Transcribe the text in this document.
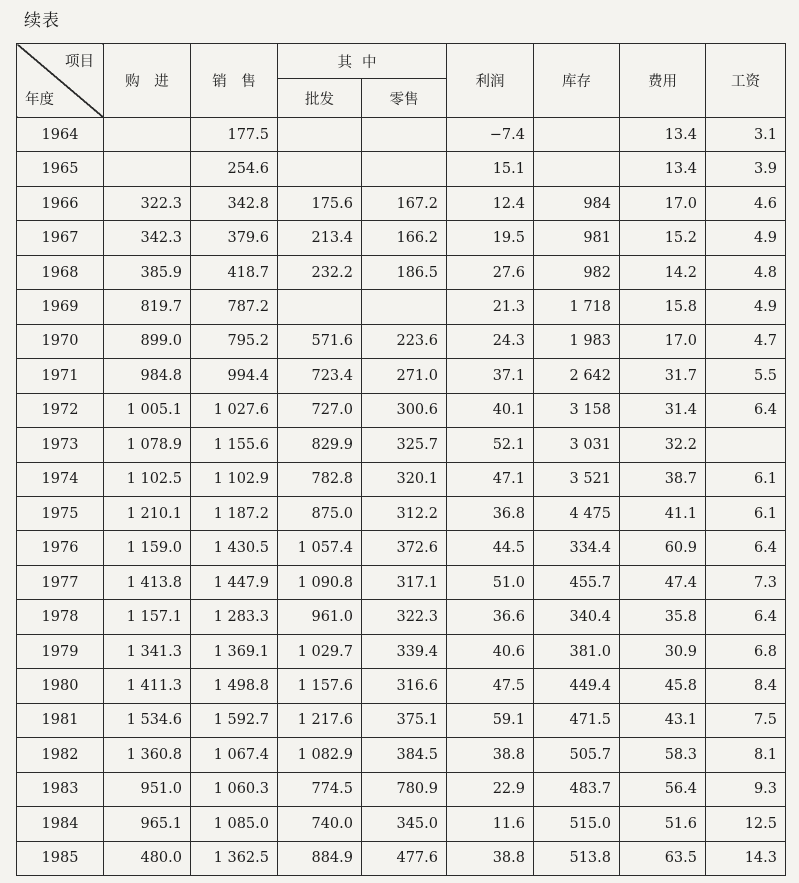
续表
项目
年度	购　进	销　售	其中		利润	库存	费用	工资
			批发	零售				
1964		177.5			−7.4		13.4	3.1
1965		254.6			15.1		13.4	3.9
1966	322.3	342.8	175.6	167.2	12.4	984	17.0	4.6
1967	342.3	379.6	213.4	166.2	19.5	981	15.2	4.9
1968	385.9	418.7	232.2	186.5	27.6	982	14.2	4.8
1969	819.7	787.2			21.3	1 718	15.8	4.9
1970	899.0	795.2	571.6	223.6	24.3	1 983	17.0	4.7
1971	984.8	994.4	723.4	271.0	37.1	2 642	31.7	5.5
1972	1 005.1	1 027.6	727.0	300.6	40.1	3 158	31.4	6.4
1973	1 078.9	1 155.6	829.9	325.7	52.1	3 031	32.2	
1974	1 102.5	1 102.9	782.8	320.1	47.1	3 521	38.7	6.1
1975	1 210.1	1 187.2	875.0	312.2	36.8	4 475	41.1	6.1
1976	1 159.0	1 430.5	1 057.4	372.6	44.5	334.4	60.9	6.4
1977	1 413.8	1 447.9	1 090.8	317.1	51.0	455.7	47.4	7.3
1978	1 157.1	1 283.3	961.0	322.3	36.6	340.4	35.8	6.4
1979	1 341.3	1 369.1	1 029.7	339.4	40.6	381.0	30.9	6.8
1980	1 411.3	1 498.8	1 157.6	316.6	47.5	449.4	45.8	8.4
1981	1 534.6	1 592.7	1 217.6	375.1	59.1	471.5	43.1	7.5
1982	1 360.8	1 067.4	1 082.9	384.5	38.8	505.7	58.3	8.1
1983	951.0	1 060.3	774.5	780.9	22.9	483.7	56.4	9.3
1984	965.1	1 085.0	740.0	345.0	11.6	515.0	51.6	12.5
1985	480.0	1 362.5	884.9	477.6	38.8	513.8	63.5	14.3
